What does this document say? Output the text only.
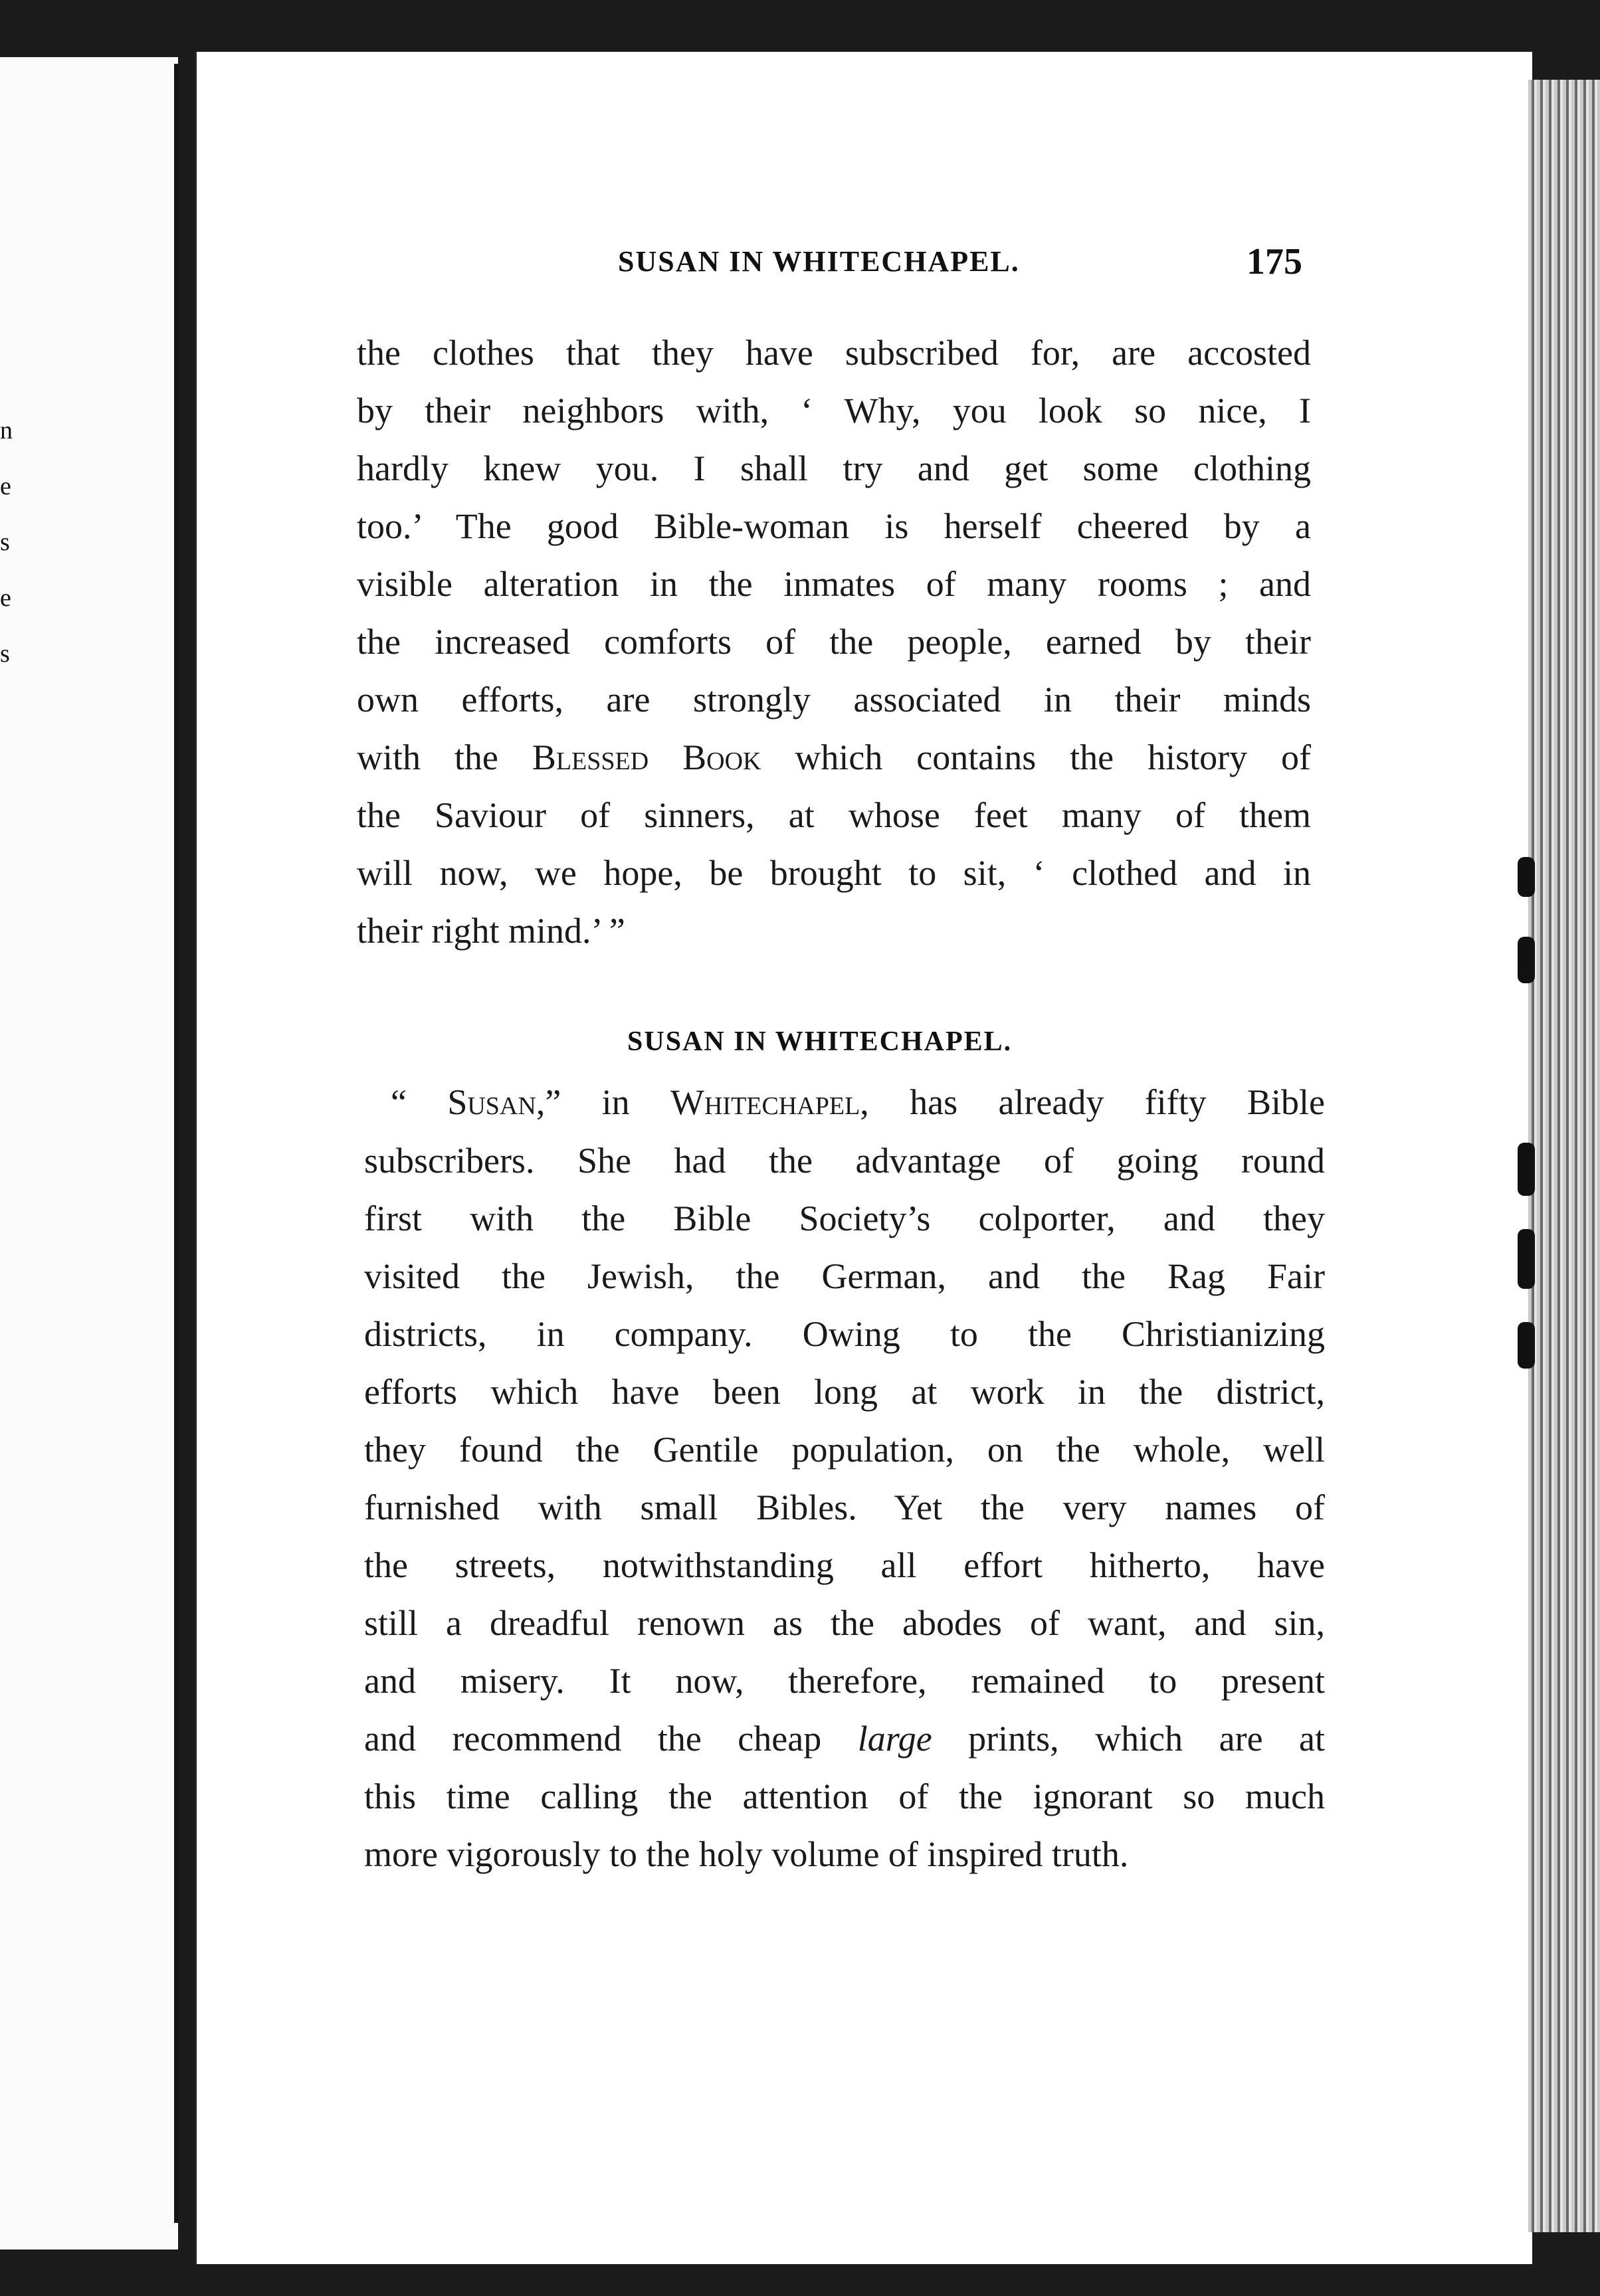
n
e
s
e
s
SUSAN IN WHITECHAPEL.	175
the clothes that they have subscribed for, are accosted
by their neighbors with, ‘ Why, you look so nice, I
hardly knew you. I shall try and get some clothing
too.’ The good Bible-woman is herself cheered by a
visible alteration in the inmates of many rooms ; and
the increased comforts of the people, earned by their
own efforts, are strongly associated in their minds
with the Blessed Book which contains the history of
the Saviour of sinners, at whose feet many of them
will now, we hope, be brought to sit, ‘ clothed and in
their right mind.’ ”
SUSAN IN WHITECHAPEL.
“ Susan,” in Whitechapel, has already fifty Bible
subscribers. She had the advantage of going round
first with the Bible Society’s colporter, and they
visited the Jewish, the German, and the Rag Fair
districts, in company. Owing to the Christianizing
efforts which have been long at work in the district,
they found the Gentile population, on the whole, well
furnished with small Bibles. Yet the very names of
the streets, notwithstanding all effort hitherto, have
still a dreadful renown as the abodes of want, and sin,
and misery. It now, therefore, remained to present
and recommend the cheap large prints, which are at
this time calling the attention of the ignorant so much
more vigorously to the holy volume of inspired truth.
